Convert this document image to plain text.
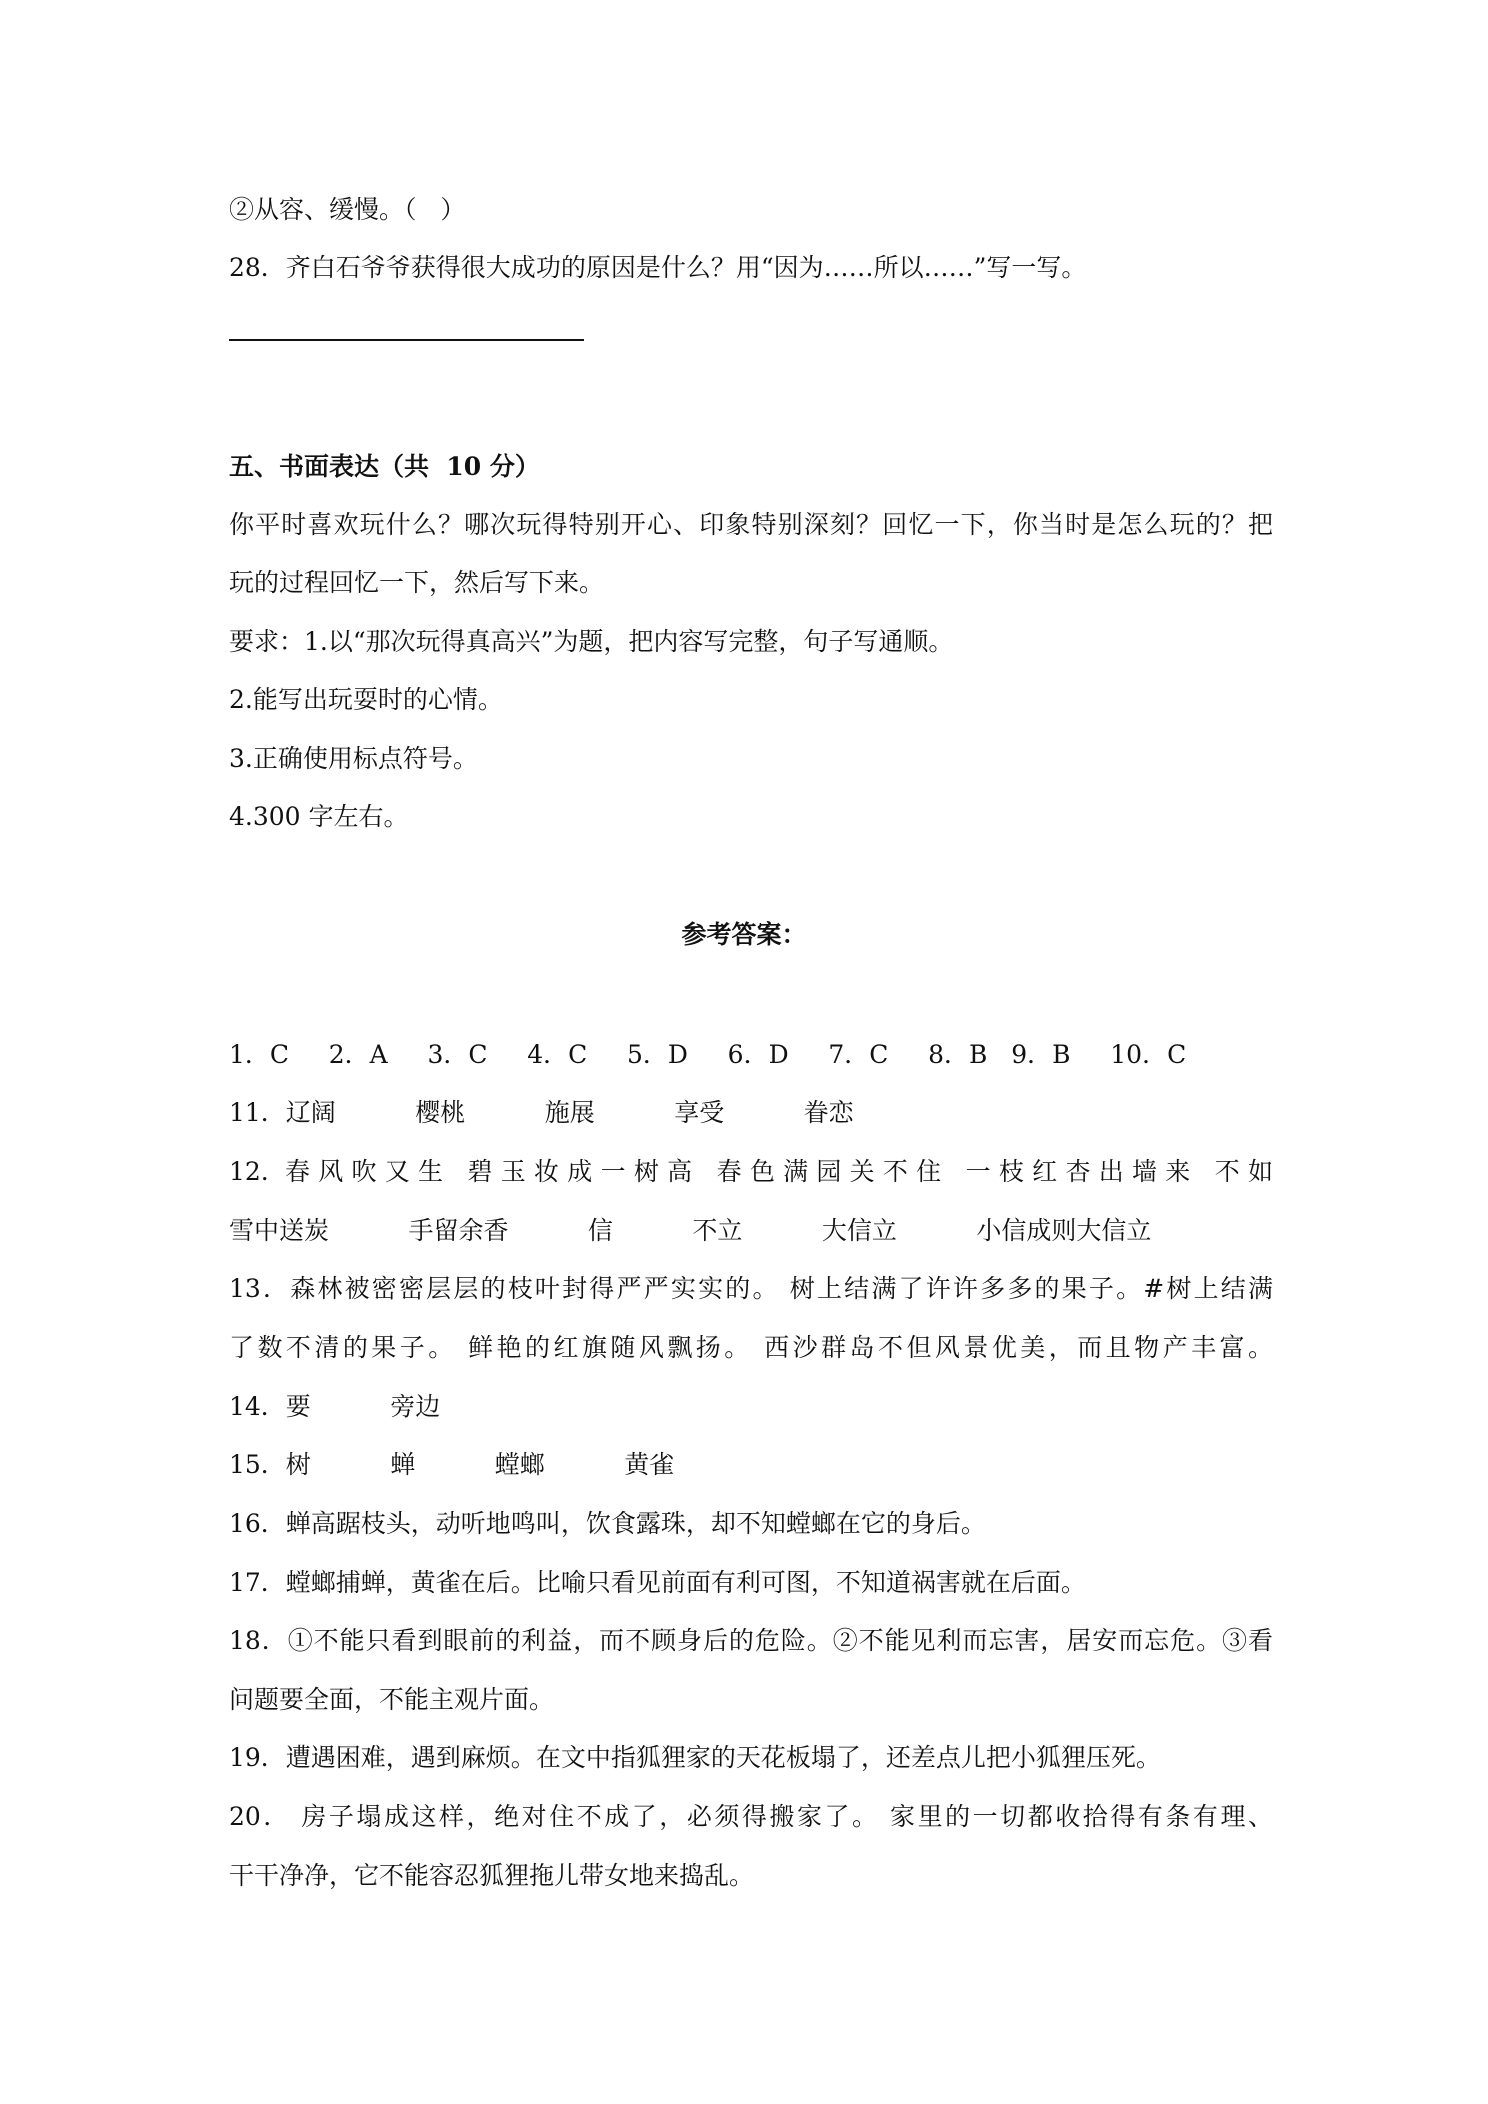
②从容、缓慢。（   ）

28．齐白石爷爷获得很大成功的原因是什么？用“因为……所以……”写一写。

五、书面表达（共  10 分）

你平时喜欢玩什么？哪次玩得特别开心、印象特别深刻？回忆一下，你当时是怎么玩的？把

玩的过程回忆一下，然后写下来。

要求：1.以“那次玩得真高兴”为题，把内容写完整，句子写通顺。

2.能写出玩耍时的心情。

3.正确使用标点符号。

4.300 字左右。

参考答案：

1．C     2．A     3．C     4．C     5．D     6．D     7．C     8．B   9．B     10．C

11．辽阔          樱桃          施展          享受          眷恋

12. 春风吹又生 碧玉妆成一树高 春色满园关不住 一枝红杏出墙来 不如

雪中送炭          手留余香          信          不立          大信立          小信成则大信立

13．森林被密密层层的枝叶封得严严实实的。 树上结满了许许多多的果子。#树上结满

了数不清的果子。 鲜艳的红旗随风飘扬。 西沙群岛不但风景优美，而且物产丰富。

14．要          旁边

15．树          蝉          螳螂          黄雀

16．蝉高踞枝头，动听地鸣叫，饮食露珠，却不知螳螂在它的身后。

17．螳螂捕蝉，黄雀在后。比喻只看见前面有利可图，不知道祸害就在后面。

18．①不能只看到眼前的利益，而不顾身后的危险。②不能见利而忘害，居安而忘危。③看

问题要全面，不能主观片面。

19．遭遇困难，遇到麻烦。在文中指狐狸家的天花板塌了，还差点儿把小狐狸压死。

20． 房子塌成这样，绝对住不成了，必须得搬家了。 家里的一切都收拾得有条有理、

干干净净，它不能容忍狐狸拖儿带女地来捣乱。
